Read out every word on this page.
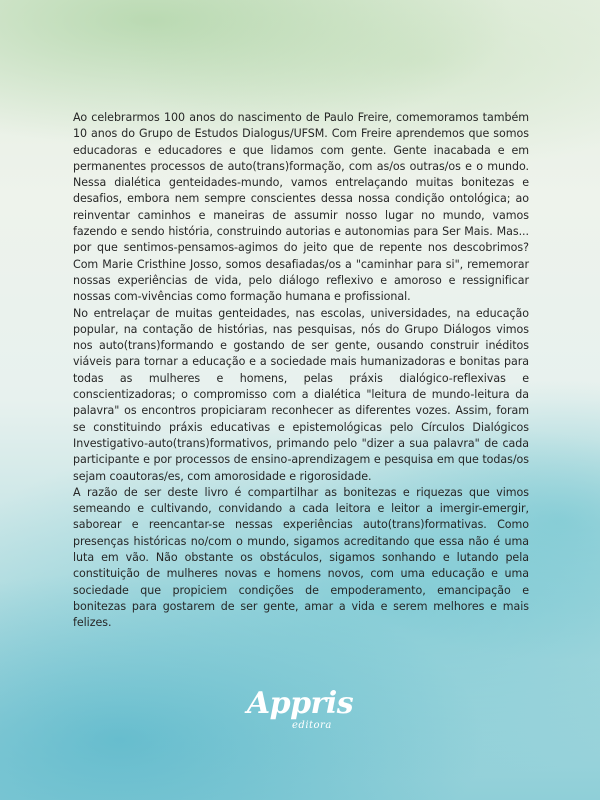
Ao celebrarmos 100 anos do nascimento de Paulo Freire, comemoramos também 10 anos do Grupo de Estudos Dialogus/UFSM. Com Freire aprendemos que somos educadoras e educadores e que lidamos com gente. Gente inacabada e em permanentes processos de auto(trans)formação, com as/os outras/os e o mundo. Nessa dialética genteidades-mundo, vamos entrelaçando muitas bonitezas e desafios, embora nem sempre conscientes dessa nossa condição ontológica; ao reinventar caminhos e maneiras de assumir nosso lugar no mundo, vamos fazendo e sendo história, construindo autorias e autonomias para Ser Mais. Mas... por que sentimos-pensamos-agimos do jeito que de repente nos descobrimos? Com Marie Cristhine Josso, somos desafiadas/os a "caminhar para si", rememorar nossas experiências de vida, pelo diálogo reflexivo e amoroso e ressignificar nossas com-vivências como formação humana e profissional.

No entrelaçar de muitas genteidades, nas escolas, universidades, na educação popular, na contação de histórias, nas pesquisas, nós do Grupo Diálogos vimos nos auto(trans)formando e gostando de ser gente, ousando construir inéditos viáveis para tornar a educação e a sociedade mais humanizadoras e bonitas para todas as mulheres e homens, pelas práxis dialógico-reflexivas e conscientizadoras; o compromisso com a dialética "leitura de mundo-leitura da palavra" os encontros propiciaram reconhecer as diferentes vozes. Assim, foram se constituindo práxis educativas e epistemológicas pelo Círculos Dialógicos Investigativo-auto(trans)formativos, primando pelo "dizer a sua palavra" de cada participante e por processos de ensino-aprendizagem e pesquisa em que todas/os sejam coautoras/es, com amorosidade e rigorosidade.

A razão de ser deste livro é compartilhar as bonitezas e riquezas que vimos semeando e cultivando, convidando a cada leitora e leitor a imergir-emergir, saborear e reencantar-se nessas experiências auto(trans)formativas. Como presenças históricas no/com o mundo, sigamos acreditando que essa não é uma luta em vão. Não obstante os obstáculos, sigamos sonhando e lutando pela constituição de mulheres novas e homens novos, com uma educação e uma sociedade que propiciem condições de empoderamento, emancipação e bonitezas para gostarem de ser gente, amar a vida e serem melhores e mais felizes.

Appris
editora
